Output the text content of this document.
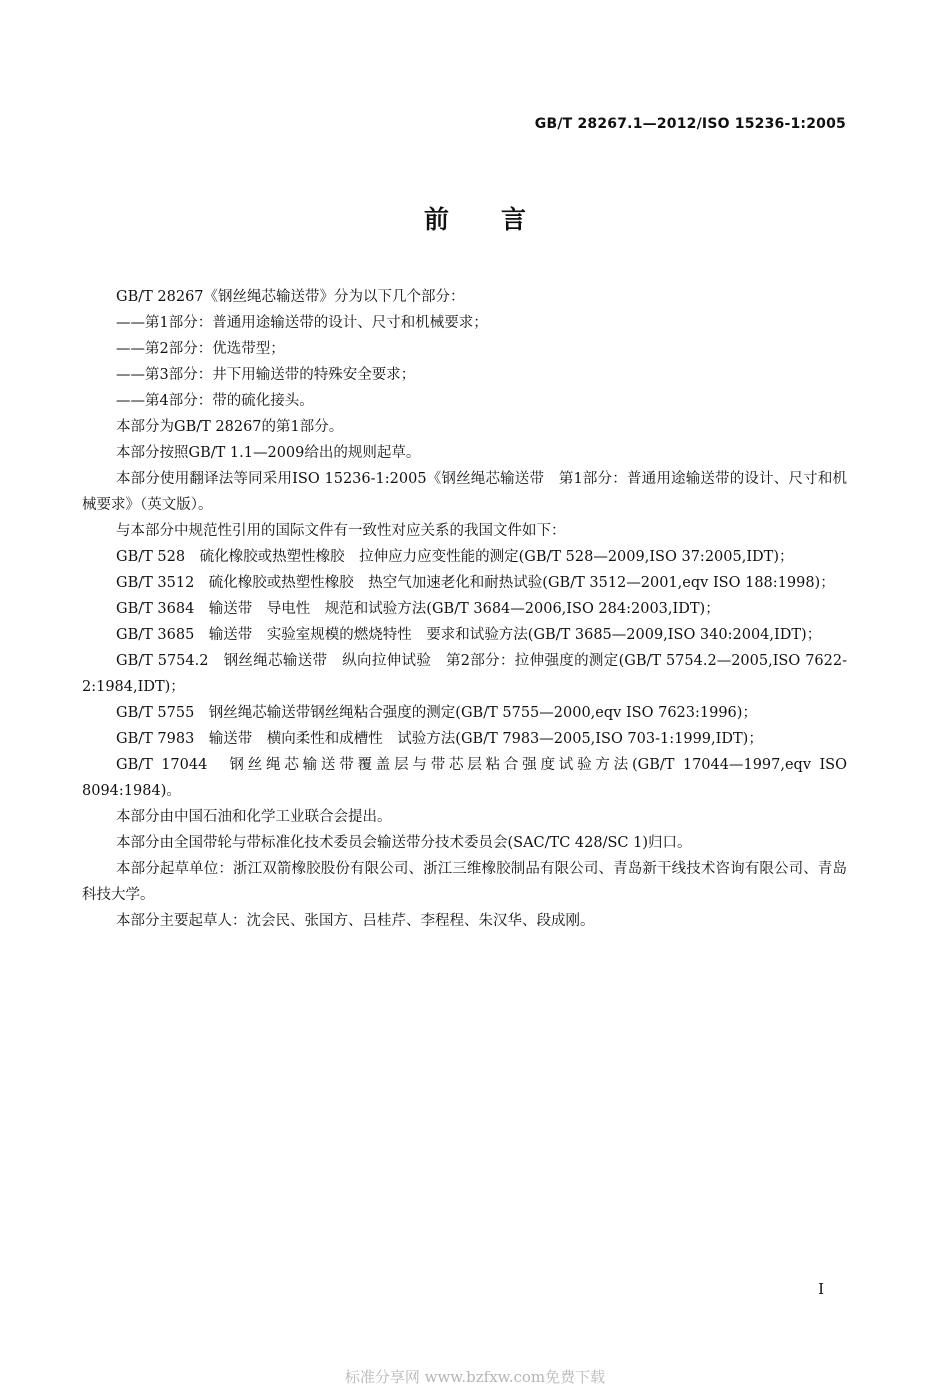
GB/T 28267.1—2012/ISO 15236-1:2005
前言

GB/T 28267《钢丝绳芯输送带》分为以下几个部分：

——第1部分：普通用途输送带的设计、尺寸和机械要求；

——第2部分：优选带型；

——第3部分：井下用输送带的特殊安全要求；

——第4部分：带的硫化接头。

本部分为GB/T 28267的第1部分。

本部分按照GB/T 1.1—2009给出的规则起草。

本部分使用翻译法等同采用ISO 15236-1:2005《钢丝绳芯输送带　第1部分：普通用途输送带的设计、尺寸和机械要求》（英文版）。

与本部分中规范性引用的国际文件有一致性对应关系的我国文件如下：

GB/T 528　硫化橡胶或热塑性橡胶　拉伸应力应变性能的测定(GB/T 528—2009,ISO 37:2005,IDT)；

GB/T 3512　硫化橡胶或热塑性橡胶　热空气加速老化和耐热试验(GB/T 3512—2001,eqv ISO 188:1998)；

GB/T 3684　输送带　导电性　规范和试验方法(GB/T 3684—2006,ISO 284:2003,IDT)；

GB/T 3685　输送带　实验室规模的燃烧特性　要求和试验方法(GB/T 3685—2009,ISO 340:2004,IDT)；

GB/T 5754.2　钢丝绳芯输送带　纵向拉伸试验　第2部分：拉伸强度的测定(GB/T 5754.2—2005,ISO 7622-2:1984,IDT)；

GB/T 5755　钢丝绳芯输送带钢丝绳粘合强度的测定(GB/T 5755—2000,eqv ISO 7623:1996)；

GB/T 7983　输送带　横向柔性和成槽性　试验方法(GB/T 7983—2005,ISO 703-1:1999,IDT)；

GB/T 17044　钢丝绳芯输送带覆盖层与带芯层粘合强度试验方法(GB/T 17044—1997,eqv ISO 8094:1984)。

本部分由中国石油和化学工业联合会提出。

本部分由全国带轮与带标准化技术委员会输送带分技术委员会(SAC/TC 428/SC 1)归口。

本部分起草单位：浙江双箭橡胶股份有限公司、浙江三维橡胶制品有限公司、青岛新干线技术咨询有限公司、青岛科技大学。

本部分主要起草人：沈会民、张国方、吕桂芹、李程程、朱汉华、段成刚。

I
标准分享网 www.bzfxw.com免费下载
